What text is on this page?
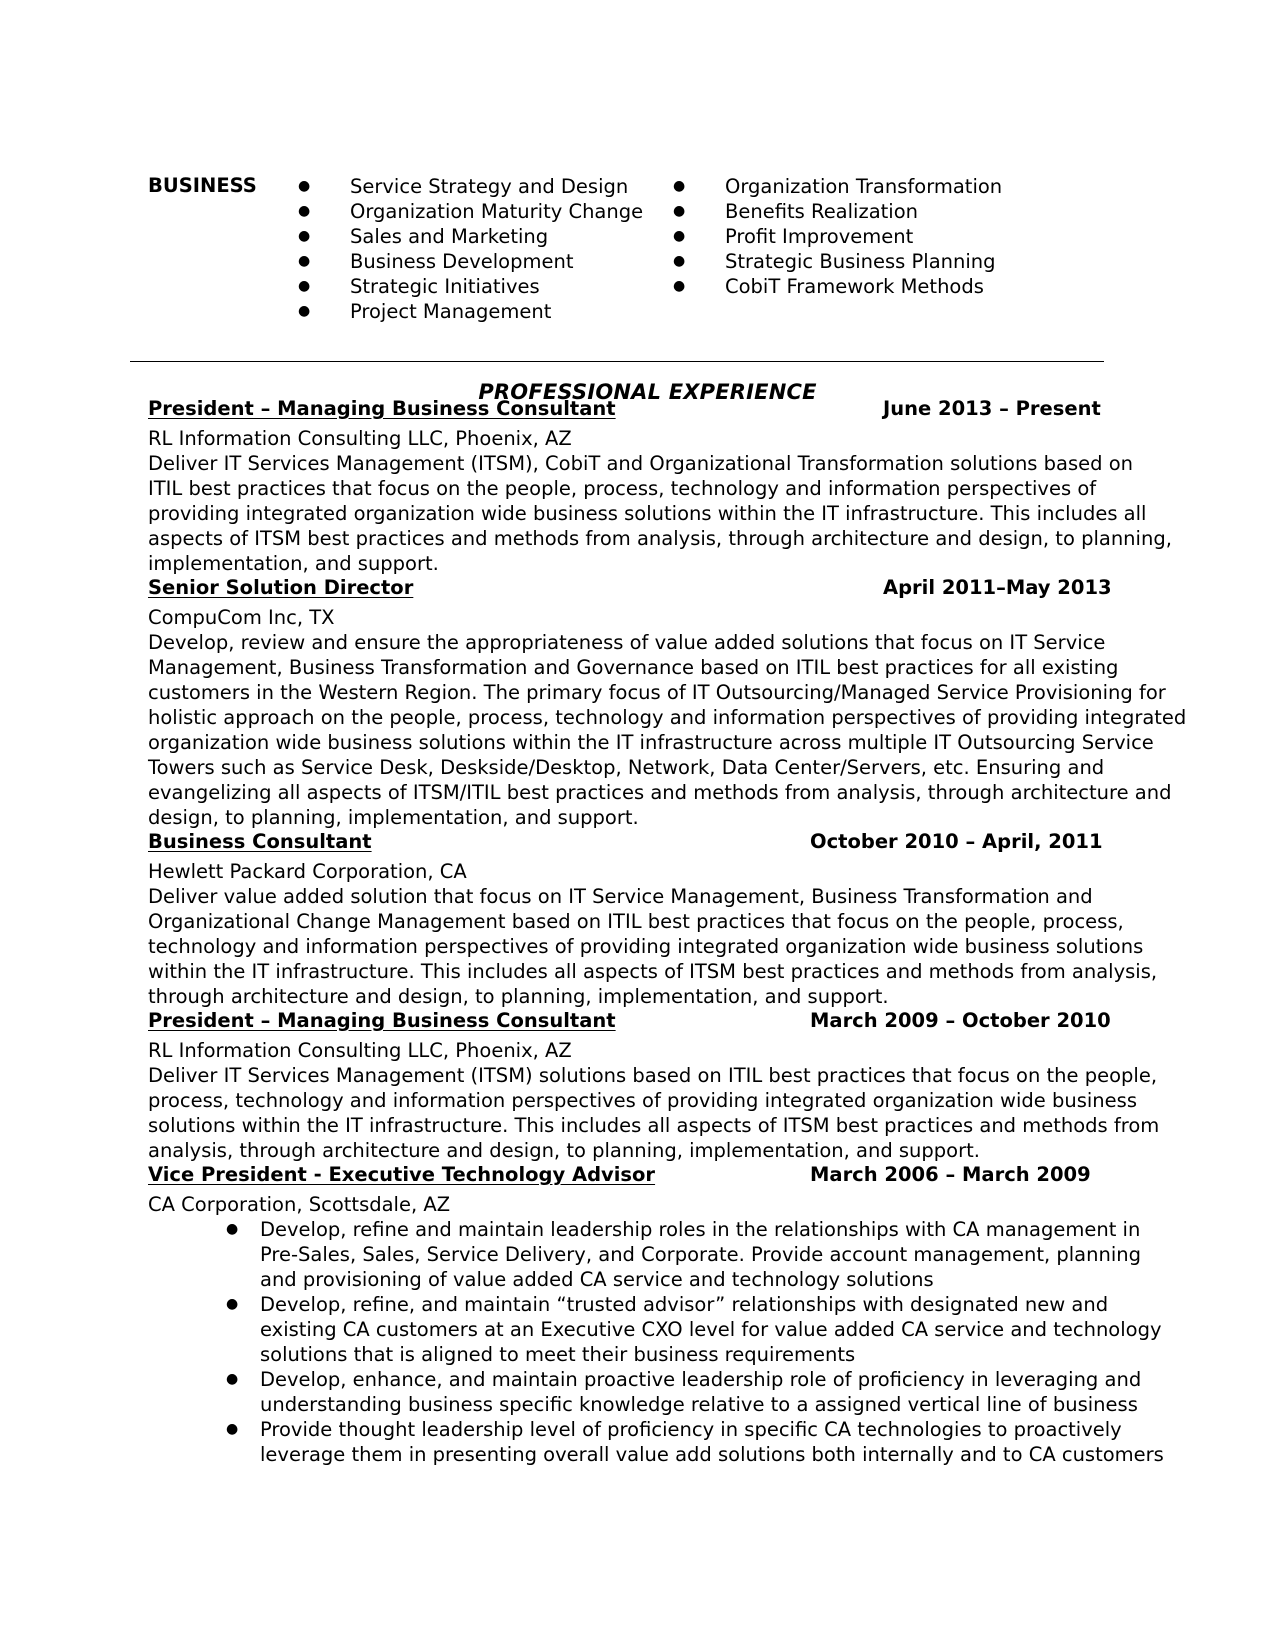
BUSINESS	● Service Strategy and Design
● Organization Maturity Change
● Sales and Marketing
● Business Development
● Strategic Initiatives
● Project Management
● Organization Transformation
● Benefits Realization
● Profit Improvement
● Strategic Business Planning
● CobiT Framework Methods
PROFESSIONAL EXPERIENCE
President – Managing Business Consultant	June 2013 – Present
RL Information Consulting LLC, Phoenix, AZ

Deliver IT Services Management (ITSM), CobiT and Organizational Transformation solutions based on
ITIL best practices that focus on the people, process, technology and information perspectives of
providing integrated organization wide business solutions within the IT infrastructure. This includes all
aspects of ITSM best practices and methods from analysis, through architecture and design, to planning,
implementation, and support.

Senior Solution Director	April 2011–May 2013
CompuCom Inc, TX

Develop, review and ensure the appropriateness of value added solutions that focus on IT Service
Management, Business Transformation and Governance based on ITIL best practices for all existing
customers in the Western Region. The primary focus of IT Outsourcing/Managed Service Provisioning for
holistic approach on the people, process, technology and information perspectives of providing integrated
organization wide business solutions within the IT infrastructure across multiple IT Outsourcing Service
Towers such as Service Desk, Deskside/Desktop, Network, Data Center/Servers, etc. Ensuring and
evangelizing all aspects of ITSM/ITIL best practices and methods from analysis, through architecture and
design, to planning, implementation, and support.

Business Consultant	October 2010 – April, 2011
Hewlett Packard Corporation, CA

Deliver value added solution that focus on IT Service Management, Business Transformation and
Organizational Change Management based on ITIL best practices that focus on the people, process,
technology and information perspectives of providing integrated organization wide business solutions
within the IT infrastructure. This includes all aspects of ITSM best practices and methods from analysis,
through architecture and design, to planning, implementation, and support.

President – Managing Business Consultant	March 2009 – October 2010
RL Information Consulting LLC, Phoenix, AZ

Deliver IT Services Management (ITSM) solutions based on ITIL best practices that focus on the people,
process, technology and information perspectives of providing integrated organization wide business
solutions within the IT infrastructure. This includes all aspects of ITSM best practices and methods from
analysis, through architecture and design, to planning, implementation, and support.

Vice President - Executive Technology Advisor	March 2006 – March 2009
CA Corporation, Scottsdale, AZ
● Develop, refine and maintain leadership roles in the relationships with CA management in
Pre-Sales, Sales, Service Delivery, and Corporate. Provide account management, planning
and provisioning of value added CA service and technology solutions
● Develop, refine, and maintain “trusted advisor” relationships with designated new and
existing CA customers at an Executive CXO level for value added CA service and technology
solutions that is aligned to meet their business requirements
● Develop, enhance, and maintain proactive leadership role of proficiency in leveraging and
understanding business specific knowledge relative to a assigned vertical line of business
● Provide thought leadership level of proficiency in specific CA technologies to proactively
leverage them in presenting overall value add solutions both internally and to CA customers
